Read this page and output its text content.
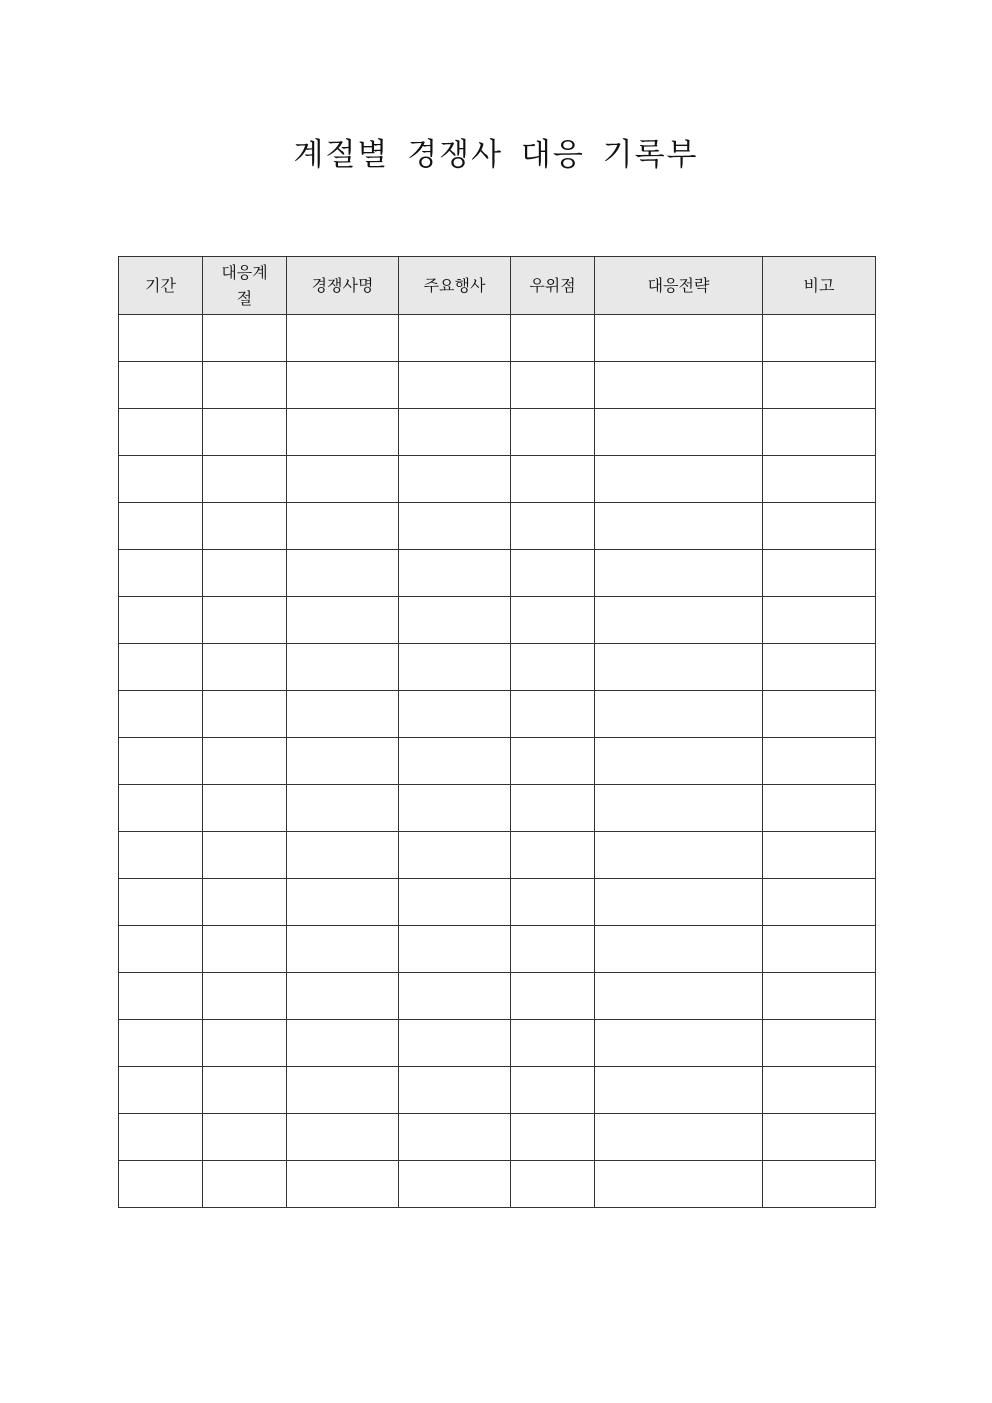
계절별 경쟁사 대응 기록부
기간	대응계절	경쟁사명	주요행사	우위점	대응전략	비고
